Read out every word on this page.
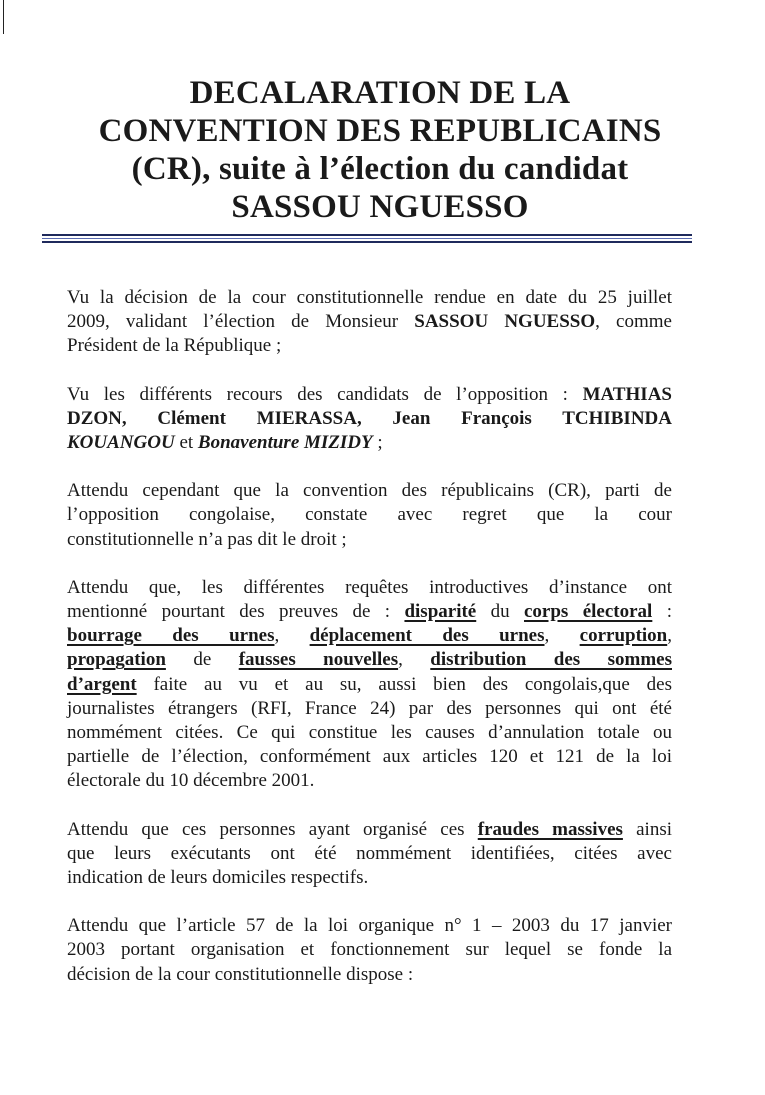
DECALARATION DE LA
CONVENTION DES REPUBLICAINS
(CR), suite à l’élection du candidat
SASSOU NGUESSO
Vu la décision de la cour constitutionnelle rendue en date du 25 juillet
2009, validant l’élection de Monsieur SASSOU NGUESSO, comme
Président de la République ;
Vu les différents recours des candidats de l’opposition : MATHIAS
DZON, Clément MIERASSA, Jean François TCHIBINDA
KOUANGOU et Bonaventure MIZIDY ;
Attendu cependant que la convention des républicains (CR), parti de
l’opposition congolaise, constate avec regret que la cour
constitutionnelle n’a pas dit le droit ;
Attendu que, les différentes requêtes introductives d’instance ont
mentionné pourtant des preuves de : disparité du corps électoral :
bourrage des urnes, déplacement des urnes, corruption,
propagation de fausses nouvelles, distribution des sommes
d’argent faite au vu et au su, aussi bien des congolais,que des
journalistes étrangers (RFI, France 24) par des personnes qui ont été
nommément citées. Ce qui constitue les causes d’annulation totale ou
partielle de l’élection, conformément aux articles 120 et 121 de la loi
électorale du 10 décembre 2001.
Attendu que ces personnes ayant organisé ces fraudes massives ainsi
que leurs exécutants ont été nommément identifiées, citées avec
indication de leurs domiciles respectifs.
Attendu que l’article 57 de la loi organique n° 1 – 2003 du 17 janvier
2003 portant organisation et fonctionnement sur lequel se fonde la
décision de la cour constitutionnelle dispose :
